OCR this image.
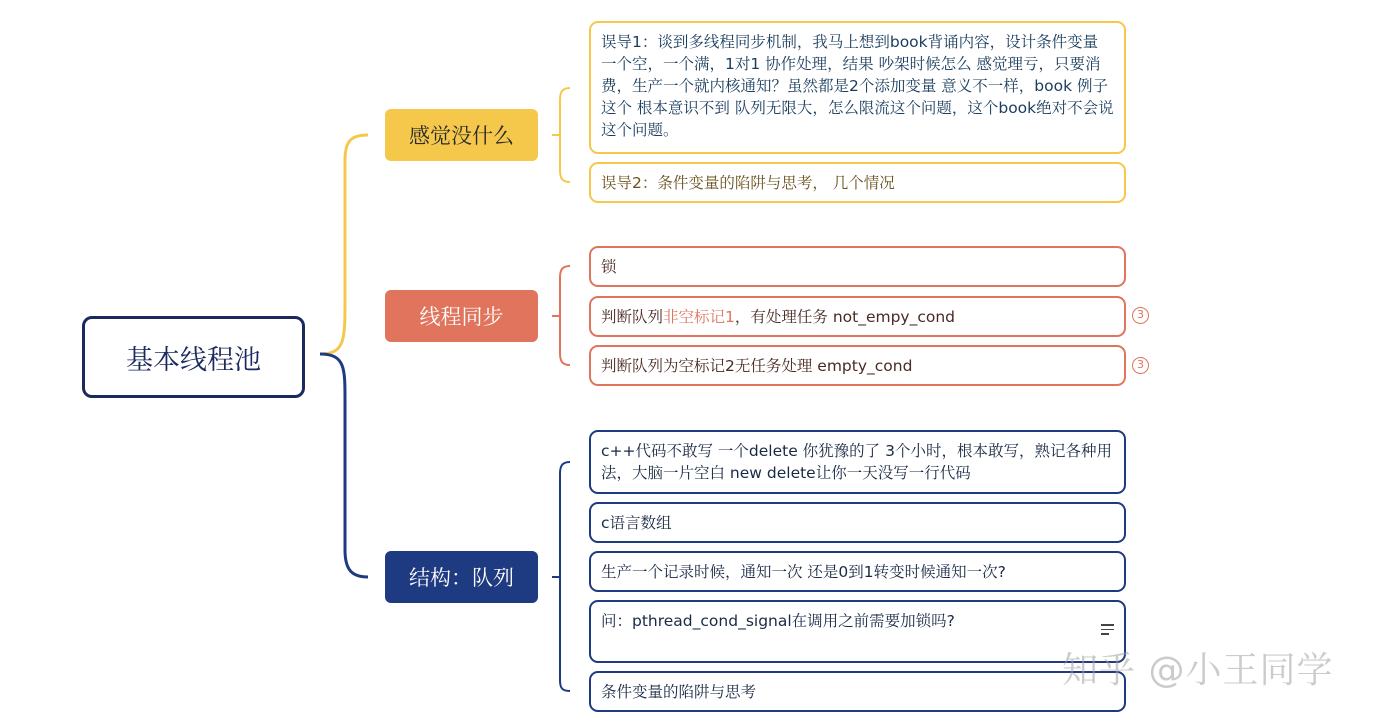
基本线程池
感觉没什么
误导1：谈到多线程同步机制，我马上想到book背诵内容，设计条件变量 一个空，一个满，1对1 协作处理，结果 吵架时候怎么 感觉理亏，只要消费，生产一个就内核通知？虽然都是2个添加变量 意义不一样，book 例子 这个 根本意识不到 队列无限大，怎么限流这个问题，这个book绝对不会说这个问题。
误导2：条件变量的陷阱与思考， 几个情况
线程同步
锁
判断队列非空标记1，有处理任务 not_empy_cond	3
判断队列为空标记2无任务处理 empty_cond	3
结构：队列
c++代码不敢写 一个delete 你犹豫的了 3个小时，根本敢写，熟记各种用法，大脑一片空白 new delete让你一天没写一行代码
c语言数组
生产一个记录时候，通知一次 还是0到1转变时候通知一次?
问：pthread_cond_signal在调用之前需要加锁吗?
条件变量的陷阱与思考
知乎 @小王同学
